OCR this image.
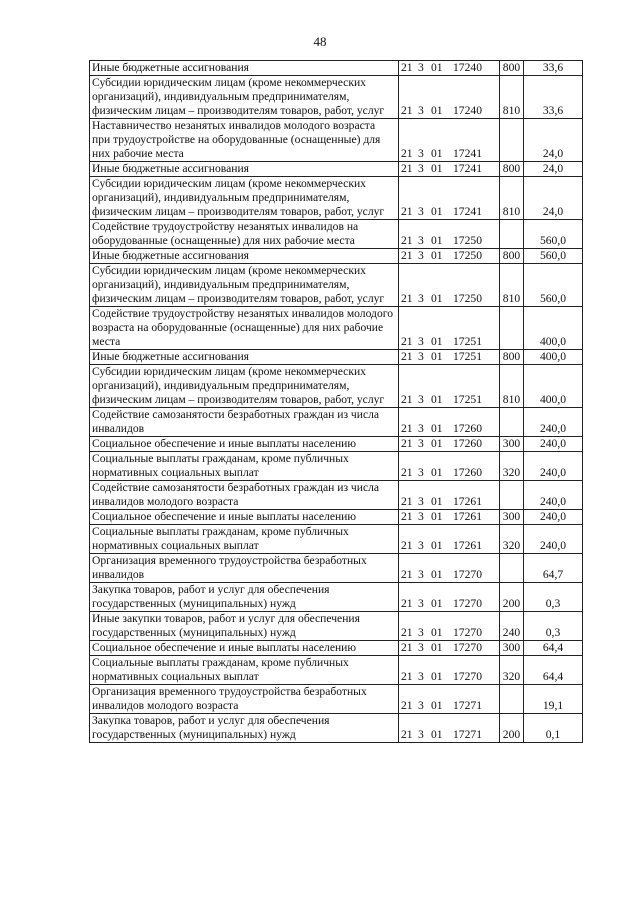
48
Иные бюджетные ассигнования	21 3 01 17240	800	33,6
Субсидии юридическим лицам (кроме некоммерческих организаций), индивидуальным предпринимателям, физическим лицам – производителям товаров, работ, услуг	21 3 01 17240	810	33,6
Наставничество незанятых инвалидов молодого возраста при трудоустройстве на оборудованные (оснащенные) для них рабочие места	21 3 01 17241		24,0
Иные бюджетные ассигнования	21 3 01 17241	800	24,0
Субсидии юридическим лицам (кроме некоммерческих организаций), индивидуальным предпринимателям, физическим лицам – производителям товаров, работ, услуг	21 3 01 17241	810	24,0
Содействие трудоустройству незанятых инвалидов на оборудованные (оснащенные) для них рабочие места	21 3 01 17250		560,0
Иные бюджетные ассигнования	21 3 01 17250	800	560,0
Субсидии юридическим лицам (кроме некоммерческих организаций), индивидуальным предпринимателям, физическим лицам – производителям товаров, работ, услуг	21 3 01 17250	810	560,0
Содействие трудоустройству незанятых инвалидов молодого возраста на оборудованные (оснащенные) для них рабочие места	21 3 01 17251		400,0
Иные бюджетные ассигнования	21 3 01 17251	800	400,0
Субсидии юридическим лицам (кроме некоммерческих организаций), индивидуальным предпринимателям, физическим лицам – производителям товаров, работ, услуг	21 3 01 17251	810	400,0
Содействие самозанятости безработных граждан из числа инвалидов	21 3 01 17260		240,0
Социальное обеспечение и иные выплаты населению	21 3 01 17260	300	240,0
Социальные выплаты гражданам, кроме публичных нормативных социальных выплат	21 3 01 17260	320	240,0
Содействие самозанятости безработных граждан из числа инвалидов молодого возраста	21 3 01 17261		240,0
Социальное обеспечение и иные выплаты населению	21 3 01 17261	300	240,0
Социальные выплаты гражданам, кроме публичных нормативных социальных выплат	21 3 01 17261	320	240,0
Организация временного трудоустройства безработных инвалидов	21 3 01 17270		64,7
Закупка товаров, работ и услуг для обеспечения государственных (муниципальных) нужд	21 3 01 17270	200	0,3
Иные закупки товаров, работ и услуг для обеспечения государственных (муниципальных) нужд	21 3 01 17270	240	0,3
Социальное обеспечение и иные выплаты населению	21 3 01 17270	300	64,4
Социальные выплаты гражданам, кроме публичных нормативных социальных выплат	21 3 01 17270	320	64,4
Организация временного трудоустройства безработных инвалидов молодого возраста	21 3 01 17271		19,1
Закупка товаров, работ и услуг для обеспечения государственных (муниципальных) нужд	21 3 01 17271	200	0,1
